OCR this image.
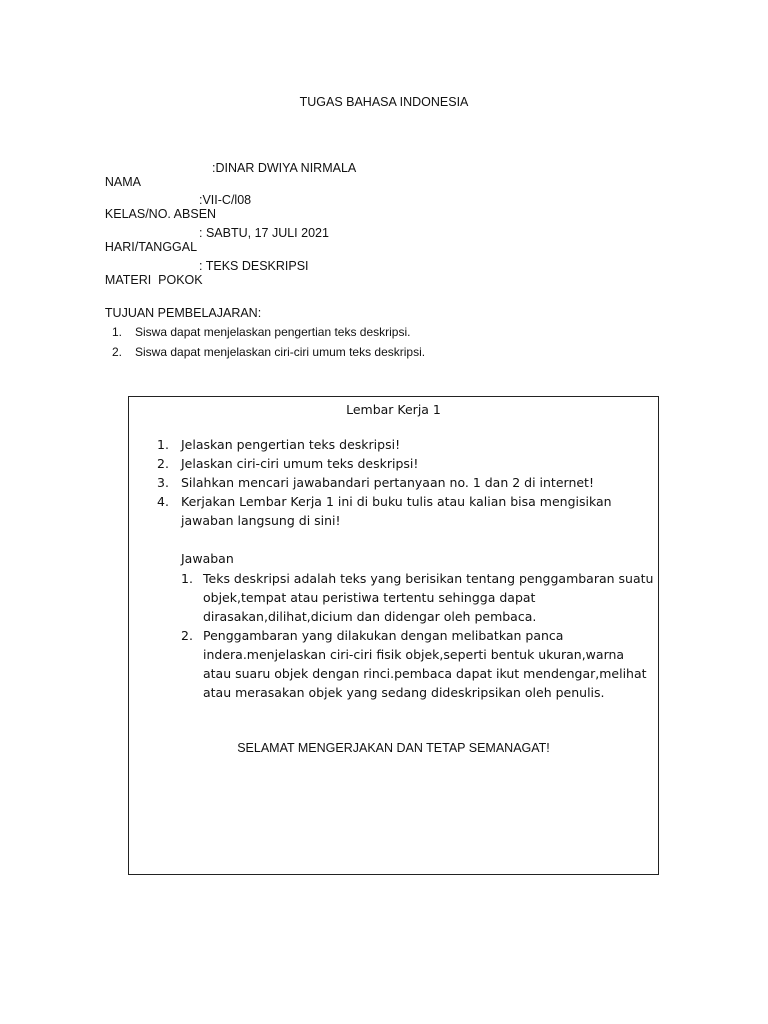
TUGAS BAHASA INDONESIA

NAMA

:DINAR DWIYA NIRMALA

KELAS/NO. ABSEN

:VII-C/l08

HARI/TANGGAL

: SABTU, 17 JULI 2021

MATERI  POKOK

: TEKS DESKRIPSI

TUJUAN PEMBELAJARAN:

1.	Siswa dapat menjelaskan pengertian teks deskripsi.
2.	Siswa dapat menjelaskan ciri-ciri umum teks deskripsi.
Lembar Kerja 1
1. Jelaskan pengertian teks deskripsi!
2. Jelaskan ciri-ciri umum teks deskripsi!
3. Silahkan mencari jawabandari pertanyaan no. 1 dan 2 di internet!
4. Kerjakan Lembar Kerja 1 ini di buku tulis atau kalian bisa mengisikan jawaban langsung di sini!
Jawaban
1. Teks deskripsi adalah teks yang berisikan tentang penggambaran suatu objek,tempat atau peristiwa tertentu sehingga dapat dirasakan,dilihat,dicium dan didengar oleh pembaca.
2. Penggambaran yang dilakukan dengan melibatkan panca indera.menjelaskan ciri-ciri fisik objek,seperti bentuk ukuran,warna atau suaru objek dengan rinci.pembaca dapat ikut mendengar,melihat atau merasakan objek yang sedang dideskripsikan oleh penulis.
SELAMAT MENGERJAKAN DAN TETAP SEMANAGAT!
